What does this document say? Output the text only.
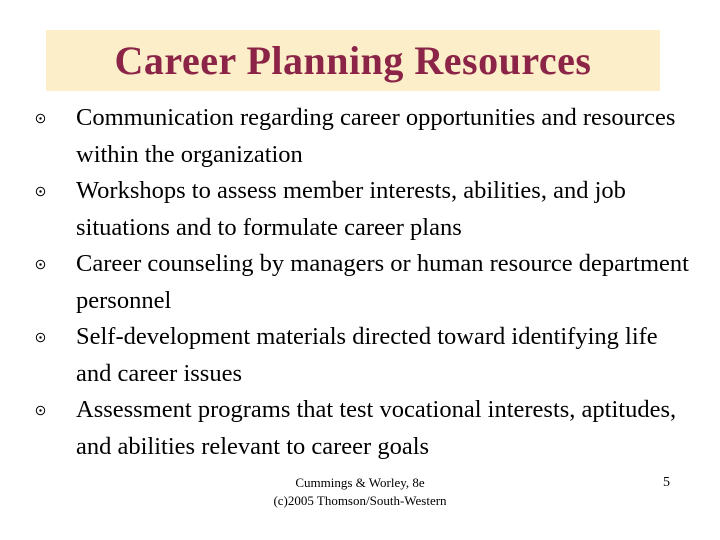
Career Planning Resources
Communication regarding career opportunities and resources within the organization
Workshops to assess member interests, abilities, and job situations and to formulate career plans
Career counseling by managers or human resource department personnel
Self-development materials directed toward identifying life and career issues
Assessment programs that test vocational interests, aptitudes, and abilities relevant to career goals
Cummings & Worley, 8e
(c)2005 Thomson/South-Western
5
